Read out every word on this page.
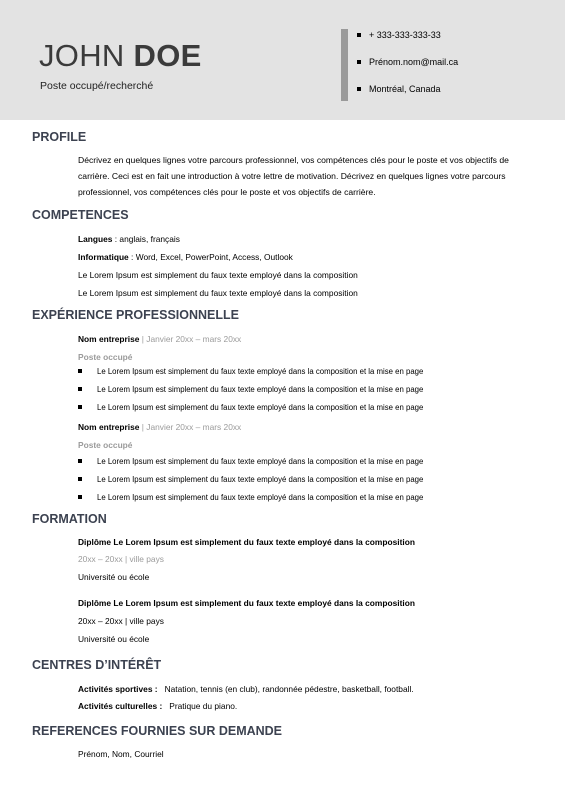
JOHN DOE
Poste occupé/recherché
+ 333-333-333-33
Prénom.nom@mail.ca
Montréal, Canada
PROFILE
Décrivez en quelques lignes votre parcours professionnel, vos compétences clés pour le poste et vos objectifs de carrière. Ceci est en fait une introduction à votre lettre de motivation. Décrivez en quelques lignes votre parcours professionnel, vos compétences clés pour le poste et vos objectifs de carrière.
COMPETENCES
Langues : anglais, français
Informatique : Word, Excel, PowerPoint, Access, Outlook
Le Lorem Ipsum est simplement du faux texte employé dans la composition
Le Lorem Ipsum est simplement du faux texte employé dans la composition
EXPÉRIENCE PROFESSIONNELLE
Nom entreprise | Janvier 20xx – mars 20xx
Poste occupé
Le Lorem Ipsum est simplement du faux texte employé dans la composition et la mise en page
Le Lorem Ipsum est simplement du faux texte employé dans la composition et la mise en page
Le Lorem Ipsum est simplement du faux texte employé dans la composition et la mise en page
Nom entreprise | Janvier 20xx – mars 20xx
Poste occupé
Le Lorem Ipsum est simplement du faux texte employé dans la composition et la mise en page
Le Lorem Ipsum est simplement du faux texte employé dans la composition et la mise en page
Le Lorem Ipsum est simplement du faux texte employé dans la composition et la mise en page
FORMATION
Diplôme Le Lorem Ipsum est simplement du faux texte employé dans la composition
20xx – 20xx | ville pays
Université ou école
Diplôme Le Lorem Ipsum est simplement du faux texte employé dans la composition
20xx – 20xx | ville pays
Université ou école
CENTRES D’INTÉRÊT
Activités sportives : Natation, tennis (en club), randonnée pédestre, basketball, football.
Activités culturelles : Pratique du piano.
REFERENCES FOURNIES SUR DEMANDE
Prénom, Nom, Courriel
